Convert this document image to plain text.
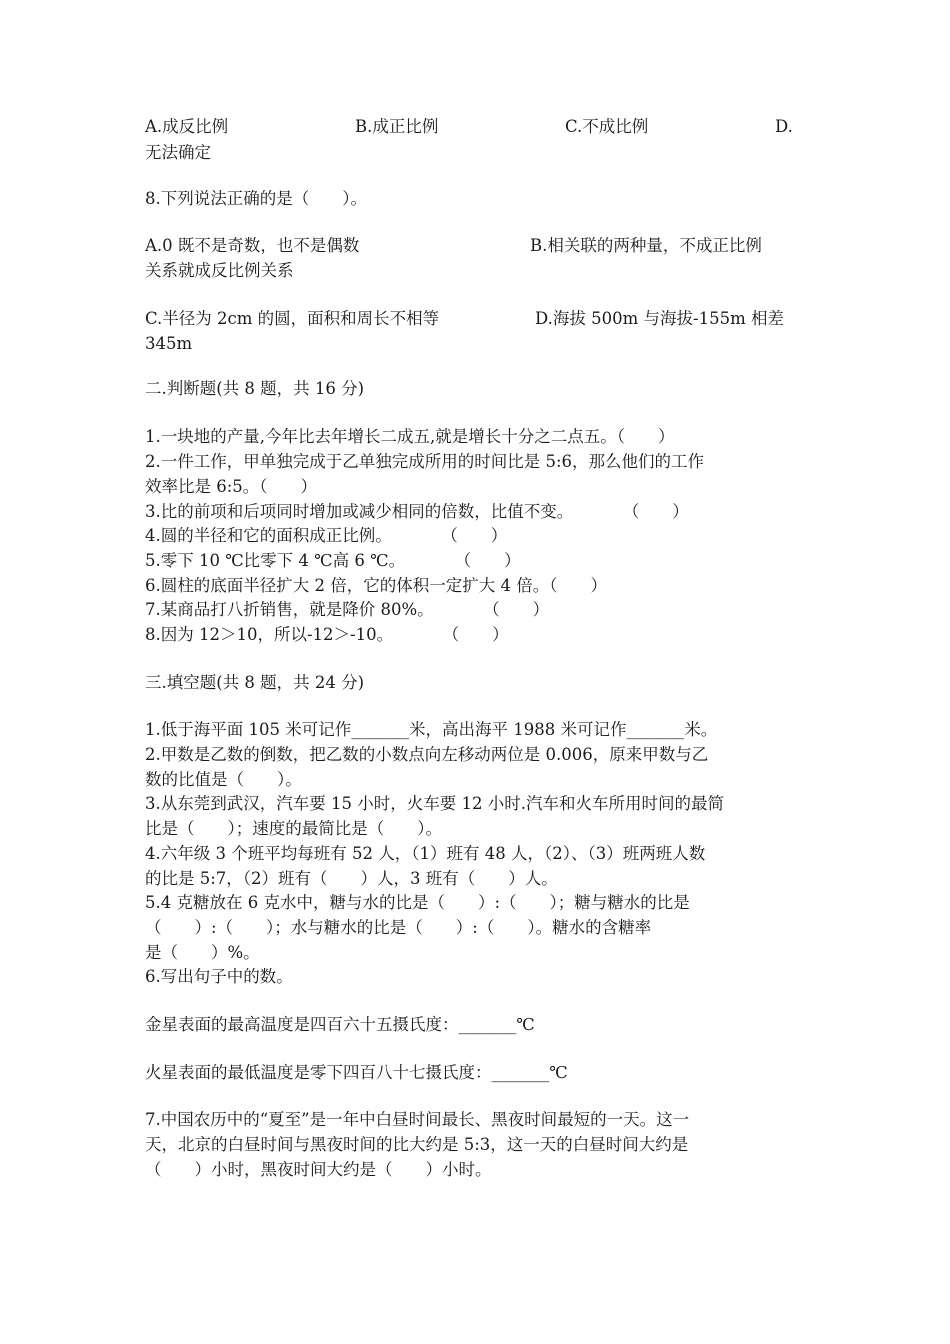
A.成反比例	B.成正比例	C.不成比例	D.
无法确定
8.下列说法正确的是（　　）。
A.0 既不是奇数，也不是偶数	B.相关联的两种量，不成正比例
关系就成反比例关系
C.半径为 2cm 的圆，面积和周长不相等	D.海拔 500m 与海拔-155m 相差
345m
二.判断题(共 8 题，共 16 分)
1.一块地的产量,今年比去年增长二成五,就是增长十分之二点五。（　　）
2.一件工作，甲单独完成于乙单独完成所用的时间比是 5:6，那么他们的工作
效率比是 6:5。（　　）
3.比的前项和后项同时增加或减少相同的倍数，比值不变。　　　　（　　）
4.圆的半径和它的面积成正比例。　　　　（　　）
5.零下 10 ℃比零下 4 ℃高 6 ℃。　　　　（　　）
6.圆柱的底面半径扩大 2 倍，它的体积一定扩大 4 倍。（　　）
7.某商品打八折销售，就是降价 80%。　　　　（　　）
8.因为 12＞10，所以-12＞-10。　　　　（　　）
三.填空题(共 8 题，共 24 分)
1.低于海平面 105 米可记作_______米，高出海平 1988 米可记作_______米。
2.甲数是乙数的倒数，把乙数的小数点向左移动两位是 0.006，原来甲数与乙
数的比值是（　　）。
3.从东莞到武汉，汽车要 15 小时，火车要 12 小时.汽车和火车所用时间的最简
比是（　　）；速度的最简比是（　　）。
4.六年级 3 个班平均每班有 52 人，（1）班有 48 人，（2）、（3）班两班人数
的比是 5:7，（2）班有（　　）人，3 班有（　　）人。
5.4 克糖放在 6 克水中，糖与水的比是（　　）:（　　）；糖与糖水的比是
（　　）:（　　）；水与糖水的比是（　　）:（　　）。糖水的含糖率
是（　　）%。
6.写出句子中的数。
金星表面的最高温度是四百六十五摄氏度：_______℃
火星表面的最低温度是零下四百八十七摄氏度：_______℃
7.中国农历中的“夏至”是一年中白昼时间最长、黑夜时间最短的一天。这一
天，北京的白昼时间与黑夜时间的比大约是 5:3，这一天的白昼时间大约是
（　　）小时，黑夜时间大约是（　　）小时。
